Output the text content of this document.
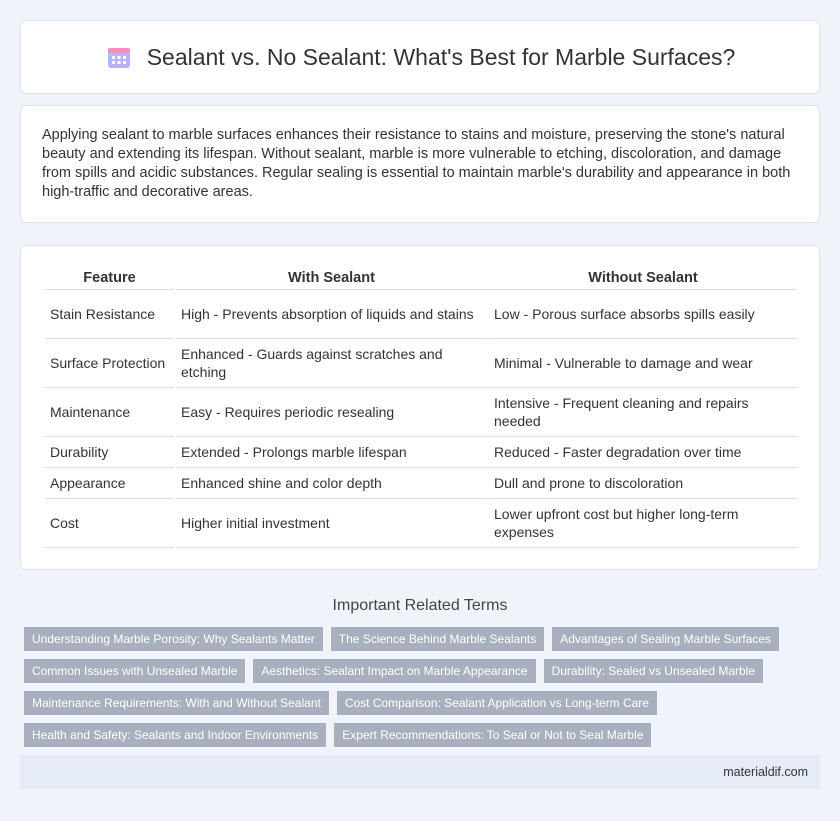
Sealant vs. No Sealant: What's Best for Marble Surfaces?
Applying sealant to marble surfaces enhances their resistance to stains and moisture, preserving the stone's natural beauty and extending its lifespan. Without sealant, marble is more vulnerable to etching, discoloration, and damage from spills and acidic substances. Regular sealing is essential to maintain marble's durability and appearance in both high-traffic and decorative areas.
Feature	With Sealant	Without Sealant
Stain Resistance	High - Prevents absorption of liquids and stains	Low - Porous surface absorbs spills easily
Surface Protection	Enhanced - Guards against scratches and etching	Minimal - Vulnerable to damage and wear
Maintenance	Easy - Requires periodic resealing	Intensive - Frequent cleaning and repairs needed
Durability	Extended - Prolongs marble lifespan	Reduced - Faster degradation over time
Appearance	Enhanced shine and color depth	Dull and prone to discoloration
Cost	Higher initial investment	Lower upfront cost but higher long-term expenses
Important Related Terms
Understanding Marble Porosity: Why Sealants Matter	The Science Behind Marble Sealants	Advantages of Sealing Marble Surfaces
Common Issues with Unsealed Marble	Aesthetics: Sealant Impact on Marble Appearance	Durability: Sealed vs Unsealed Marble
Maintenance Requirements: With and Without Sealant	Cost Comparison: Sealant Application vs Long-term Care
Health and Safety: Sealants and Indoor Environments	Expert Recommendations: To Seal or Not to Seal Marble
materialdif.com
